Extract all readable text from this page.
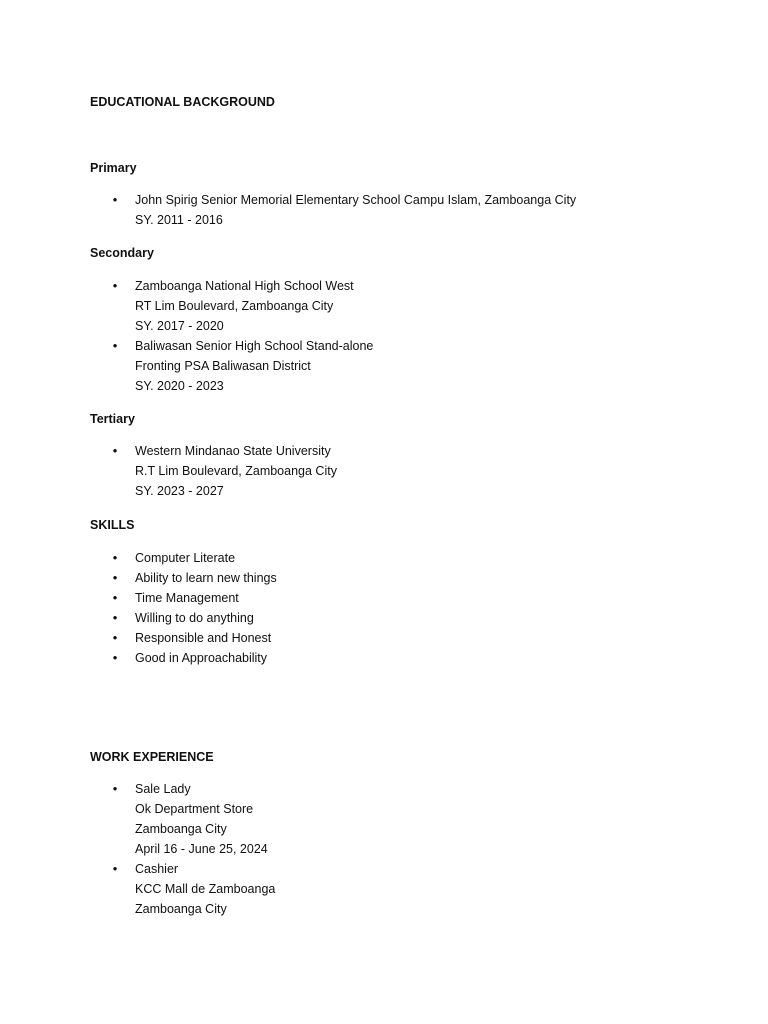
EDUCATIONAL BACKGROUND
Primary
• John Spirig Senior Memorial Elementary School Campu Islam, Zamboanga City
SY. 2011 - 2016
Secondary
• Zamboanga National High School West
RT Lim Boulevard, Zamboanga City
SY. 2017 - 2020
• Baliwasan Senior High School Stand-alone
Fronting PSA Baliwasan District
SY. 2020 - 2023
Tertiary
• Western Mindanao State University
R.T Lim Boulevard, Zamboanga City
SY. 2023 - 2027
SKILLS
• Computer Literate
• Ability to learn new things
• Time Management
• Willing to do anything
• Responsible and Honest
• Good in Approachability
WORK EXPERIENCE
• Sale Lady
Ok Department Store
Zamboanga City
April 16 - June 25, 2024
• Cashier
KCC Mall de Zamboanga
Zamboanga City
